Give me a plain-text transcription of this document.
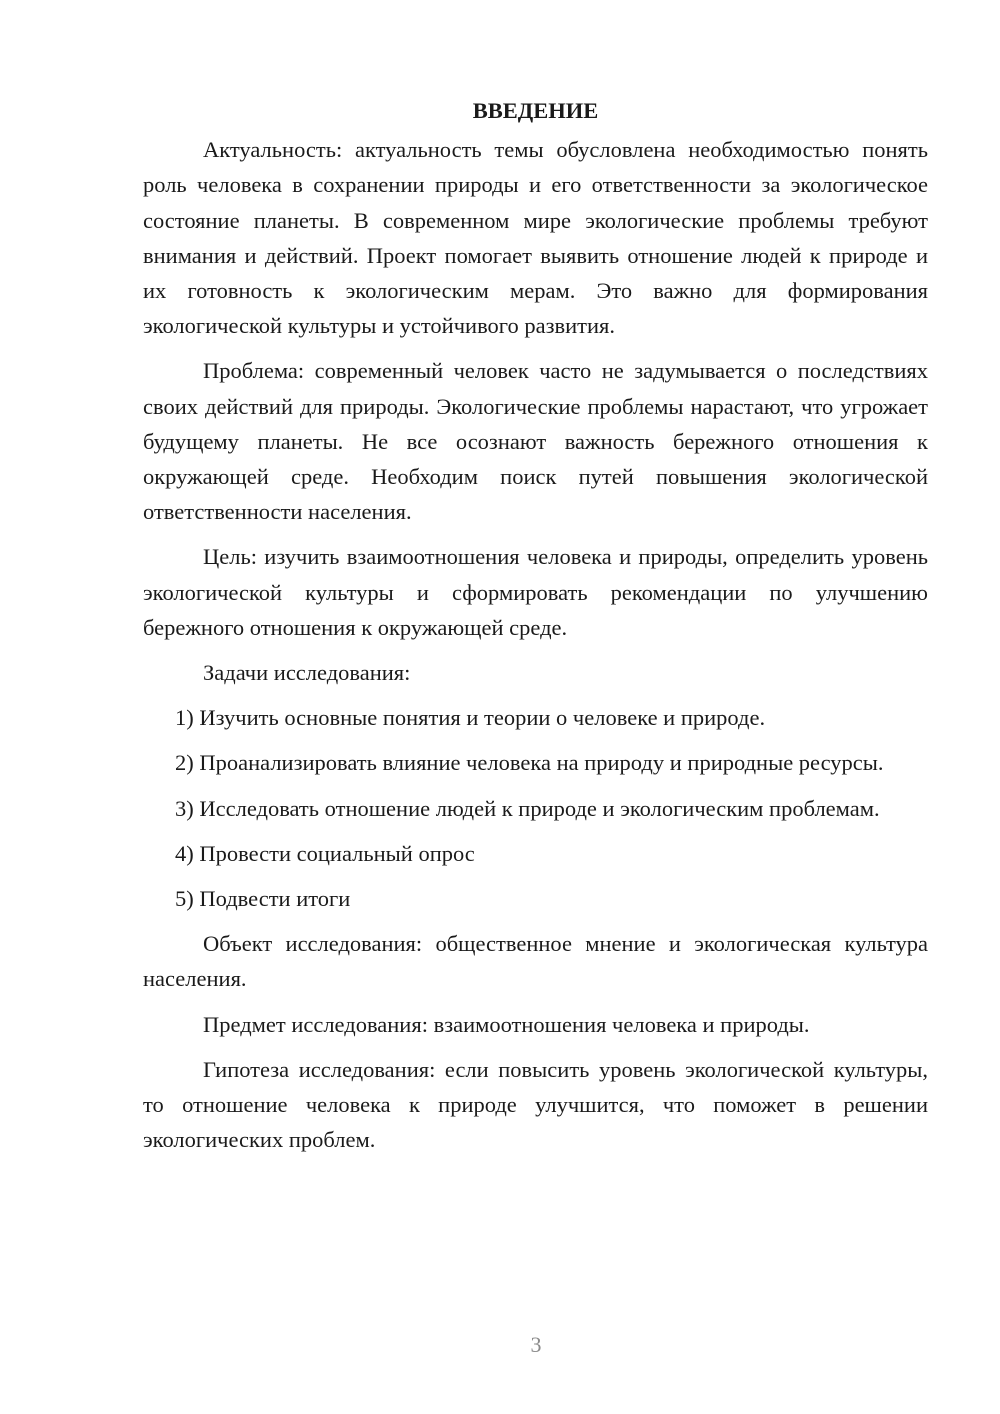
ВВЕДЕНИЕ

Актуальность: актуальность темы обусловлена необходимостью понять роль человека в сохранении природы и его ответственности за экологическое состояние планеты. В современном мире экологические проблемы требуют внимания и действий. Проект помогает выявить отношение людей к природе и их готовность к экологическим мерам. Это важно для формирования экологической культуры и устойчивого развития.

Проблема: современный человек часто не задумывается о последствиях своих действий для природы. Экологические проблемы нарастают, что угрожает будущему планеты. Не все осознают важность бережного отношения к окружающей среде. Необходим поиск путей повышения экологической ответственности населения.

Цель: изучить взаимоотношения человека и природы, определить уровень экологической культуры и сформировать рекомендации по улучшению бережного отношения к окружающей среде.

Задачи исследования:

1) Изучить основные понятия и теории о человеке и природе.

2) Проанализировать влияние человека на природу и природные ресурсы.

3) Исследовать отношение людей к природе и экологическим проблемам.

4) Провести социальный опрос

5) Подвести итоги

Объект исследования: общественное мнение и экологическая культура населения.

Предмет исследования: взаимоотношения человека и природы.

Гипотеза исследования: если повысить уровень экологической культуры, то отношение человека к природе улучшится, что поможет в решении экологических проблем.

3
